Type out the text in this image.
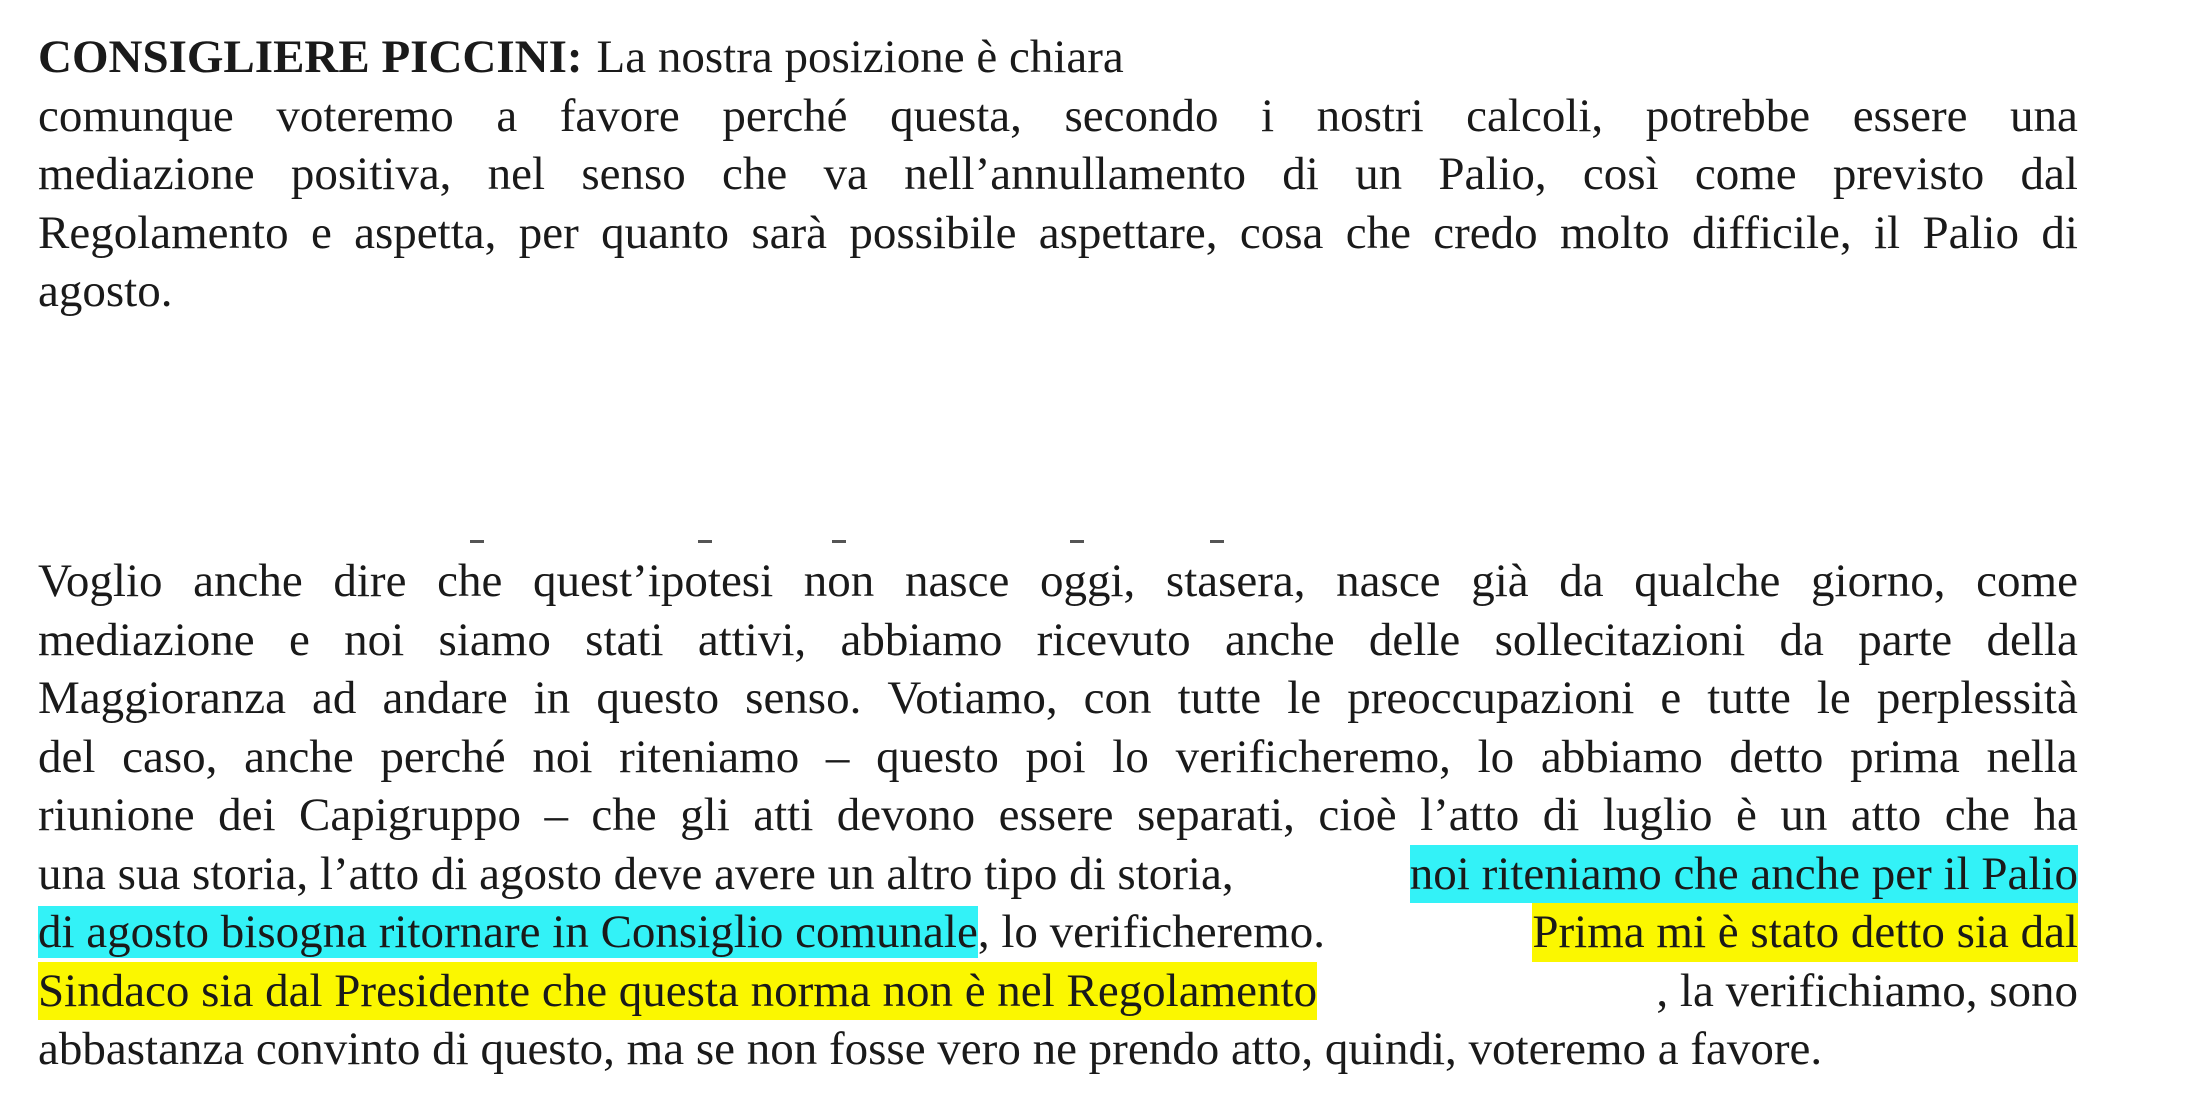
CONSIGLIERE PICCINI: La nostra posizione è chiara
comunque voteremo a favore perché questa, secondo i nostri calcoli, potrebbe essere una
mediazione positiva, nel senso che va nell’annullamento di un Palio, così come previsto dal
Regolamento e aspetta, per quanto sarà possibile aspettare, cosa che credo molto difficile, il Palio di
agosto.
Voglio anche dire che quest’ipotesi non nasce oggi, stasera, nasce già da qualche giorno, come
mediazione e noi siamo stati attivi, abbiamo ricevuto anche delle sollecitazioni da parte della
Maggioranza ad andare in questo senso. Votiamo, con tutte le preoccupazioni e tutte le perplessità
del caso, anche perché noi riteniamo – questo poi lo verificheremo, lo abbiamo detto prima nella
riunione dei Capigruppo – che gli atti devono essere separati, cioè l’atto di luglio è un atto che ha
una sua storia, l’atto di agosto deve avere un altro tipo di storia,	noi riteniamo che anche per il Palio
di agosto bisogna ritornare in Consiglio comunale, lo verificheremo.	Prima mi è stato detto sia dal
Sindaco sia dal Presidente che questa norma non è nel Regolamento	, la verifichiamo, sono
abbastanza convinto di questo, ma se non fosse vero ne prendo atto, quindi, voteremo a favore.
